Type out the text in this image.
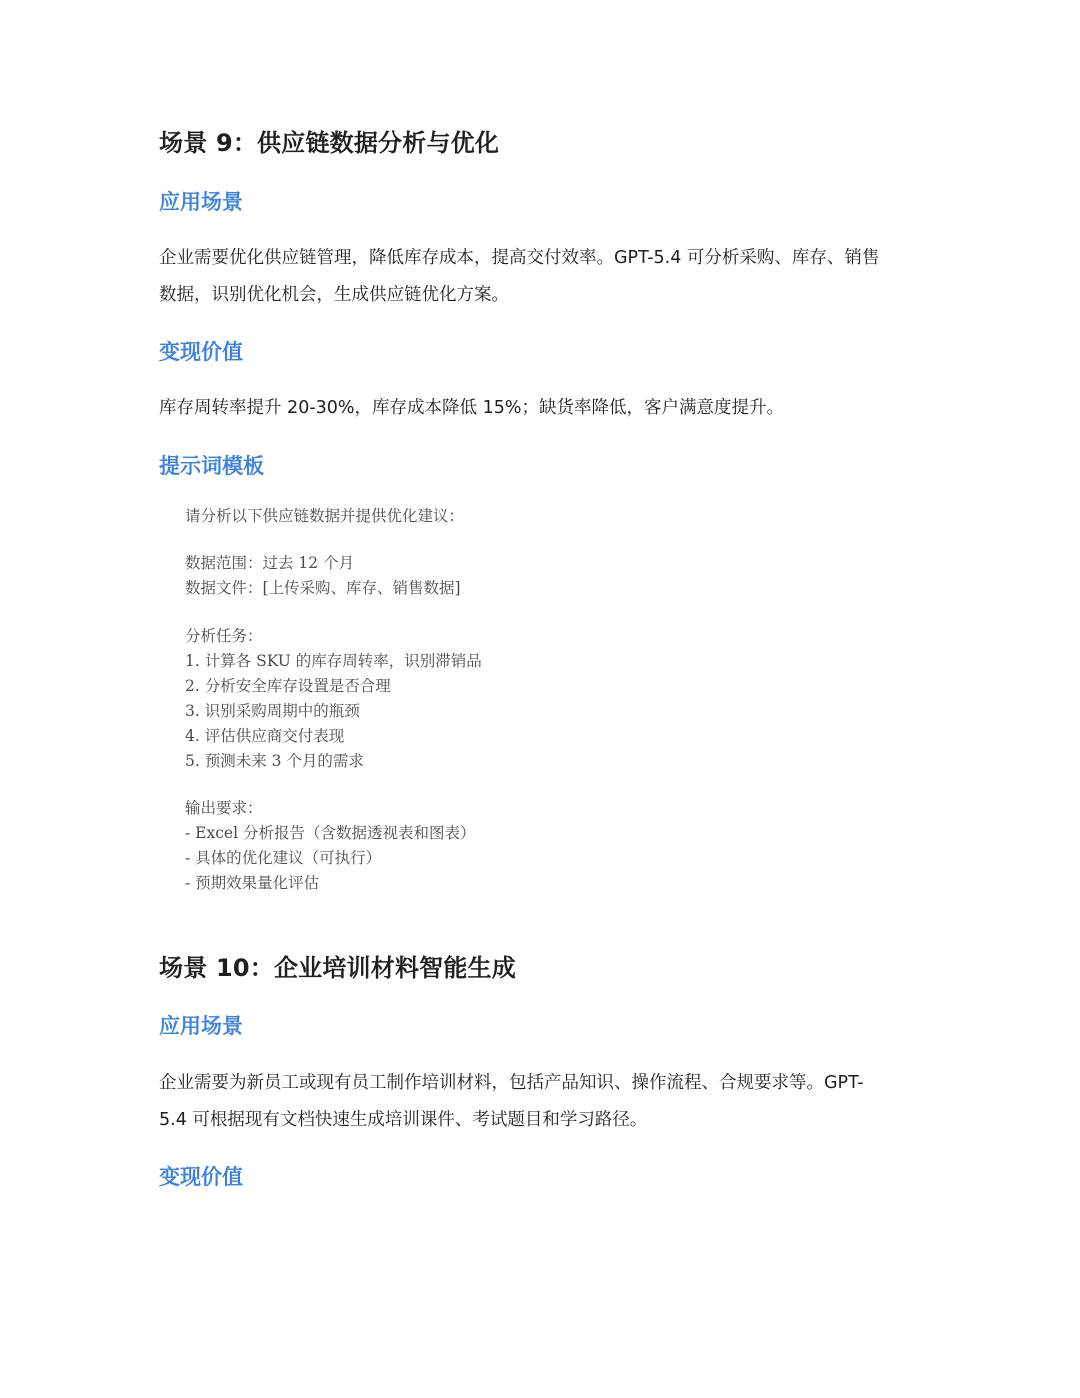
场景 9：供应链数据分析与优化
应用场景
企业需要优化供应链管理，降低库存成本，提高交付效率。GPT-5.4 可分析采购、库存、销售
数据，识别优化机会，生成供应链优化方案。
变现价值
库存周转率提升 20-30%，库存成本降低 15%；缺货率降低，客户满意度提升。
提示词模板
请分析以下供应链数据并提供优化建议：
数据范围：过去 12 个月
数据文件：[上传采购、库存、销售数据]
分析任务：
1. 计算各 SKU 的库存周转率，识别滞销品
2. 分析安全库存设置是否合理
3. 识别采购周期中的瓶颈
4. 评估供应商交付表现
5. 预测未来 3 个月的需求
输出要求：
- Excel 分析报告（含数据透视表和图表）
- 具体的优化建议（可执行）
- 预期效果量化评估
场景 10：企业培训材料智能生成
应用场景
企业需要为新员工或现有员工制作培训材料，包括产品知识、操作流程、合规要求等。GPT-
5.4 可根据现有文档快速生成培训课件、考试题目和学习路径。
变现价值
